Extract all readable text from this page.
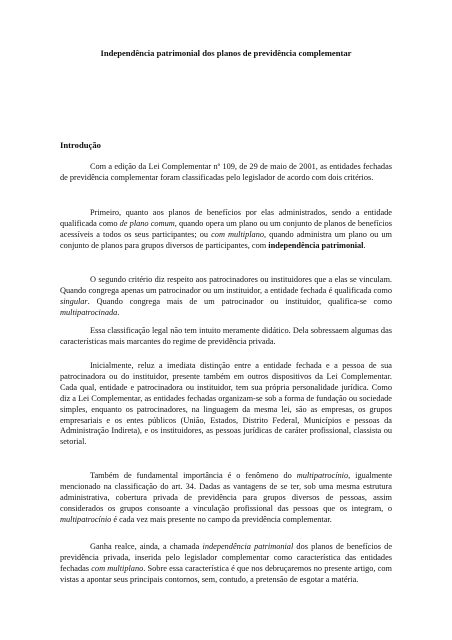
Independência patrimonial dos planos de previdência complementar
Introdução

Com a edição da Lei Complementar nº 109, de 29 de maio de 2001, as entidades fechadas de previdência complementar foram classificadas pelo legislador de acordo com dois critérios.

Primeiro, quanto aos planos de benefícios por elas administrados, sendo a entidade qualificada como de plano comum, quando opera um plano ou um conjunto de planos de benefícios acessíveis a todos os seus participantes; ou com multiplano, quando administra um plano ou um conjunto de planos para grupos diversos de participantes, com independência patrimonial.

O segundo critério diz respeito aos patrocinadores ou instituidores que a elas se vinculam. Quando congrega apenas um patrocinador ou um instituidor, a entidade fechada é qualificada como singular. Quando congrega mais de um patrocinador ou instituidor, qualifica-se como multipatrocinada.

Essa classificação legal não tem intuito meramente didático. Dela sobressaem algumas das características mais marcantes do regime de previdência privada.

Inicialmente, reluz a imediata distinção entre a entidade fechada e a pessoa de sua patrocinadora ou do instituidor, presente também em outros dispositivos da Lei Complementar. Cada qual, entidade e patrocinadora ou instituidor, tem sua própria personalidade jurídica. Como diz a Lei Complementar, as entidades fechadas organizam-se sob a forma de fundação ou sociedade simples, enquanto os patrocinadores, na linguagem da mesma lei, são as empresas, os grupos empresariais e os entes públicos (União, Estados, Distrito Federal, Municípios e pessoas da Administração Indireta), e os instituidores, as pessoas jurídicas de caráter profissional, classista ou setorial.

Também de fundamental importância é o fenômeno do multipatrocínio, igualmente mencionado na classificação do art. 34. Dadas as vantagens de se ter, sob uma mesma estrutura administrativa, cobertura privada de previdência para grupos diversos de pessoas, assim considerados os grupos consoante a vinculação profissional das pessoas que os integram, o multipatrocínio é cada vez mais presente no campo da previdência complementar.

Ganha realce, ainda, a chamada independência patrimonial dos planos de benefícios de previdência privada, inserida pelo legislador complementar como característica das entidades fechadas com multiplano. Sobre essa característica é que nos debruçaremos no presente artigo, com vistas a apontar seus principais contornos, sem, contudo, a pretensão de esgotar a matéria.
